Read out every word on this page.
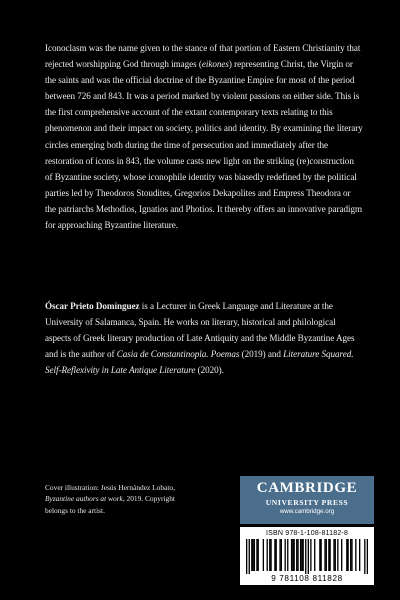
Iconoclasm was the name given to the stance of that portion of Eastern Christianity that rejected worshipping God through images (eikones) representing Christ, the Virgin or the saints and was the official doctrine of the Byzantine Empire for most of the period between 726 and 843. It was a period marked by violent passions on either side. This is the first comprehensive account of the extant contemporary texts relating to this phenomenon and their impact on society, politics and identity. By examining the literary circles emerging both during the time of persecution and immediately after the restoration of icons in 843, the volume casts new light on the striking (re)construction of Byzantine society, whose iconophile identity was biasedly redefined by the political parties led by Theodoros Stoudites, Gregorios Dekapolites and Empress Theodora or the patriarchs Methodios, Ignatios and Photios. It thereby offers an innovative paradigm for approaching Byzantine literature.

Óscar Prieto Domínguez is a Lecturer in Greek Language and Literature at the University of Salamanca, Spain. He works on literary, historical and philological aspects of Greek literary production of Late Antiquity and the Middle Byzantine Ages and is the author of Casia de Constantinopla. Poemas (2019) and Literature Squared. Self-Reflexivity in Late Antique Literature (2020).

Cover illustration: Jesús Hernández Lobato, Byzantine authors at work, 2019. Copyright belongs to the artist.

CAMBRIDGE
UNIVERSITY PRESS
www.cambridge.org
ISBN 978-1-108-81182-8
9 781108 811828
